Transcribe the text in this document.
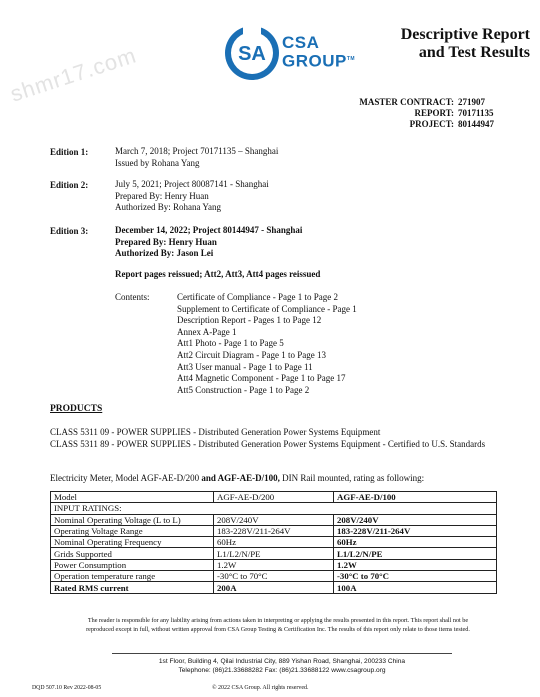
shmr17.com	SA
CSA GROUP™
Descriptive Report
and Test Results
MASTER CONTRACT: 271907
REPORT: 70171135
PROJECT: 80144947
Edition 1:	March 7, 2018; Project 70171135 – Shanghai
Issued by Rohana Yang
Edition 2:	July 5, 2021; Project 80087141 - Shanghai
Prepared By: Henry Huan
Authorized By: Rohana Yang
Edition 3:	December 14, 2022; Project 80144947 - Shanghai
Prepared By: Henry Huan
Authorized By: Jason Lei
Report pages reissued; Att2, Att3, Att4 pages reissued
Contents:	Certificate of Compliance - Page 1 to Page 2
Supplement to Certificate of Compliance - Page 1
Description Report - Pages 1 to Page 12
Annex A-Page 1
Att1 Photo - Page 1 to Page 5
Att2 Circuit Diagram - Page 1 to Page 13
Att3 User manual - Page 1 to Page 11
Att4 Magnetic Component - Page 1 to Page 17
Att5 Construction - Page 1 to Page 2
PRODUCTS
CLASS 5311 09 - POWER SUPPLIES - Distributed Generation Power Systems Equipment
CLASS 5311 89 - POWER SUPPLIES - Distributed Generation Power Systems Equipment - Certified to U.S. Standards
Electricity Meter, Model AGF-AE-D/200 and AGF-AE-D/100, DIN Rail mounted, rating as following:
Model	AGF-AE-D/200	AGF-AE-D/100
INPUT RATINGS:		
Nominal Operating Voltage (L to L)	208V/240V	208V/240V
Operating Voltage Range	183-228V/211-264V	183-228V/211-264V
Nominal Operating Frequency	60Hz	60Hz
Grids Supported	L1/L2/N/PE	L1/L2/N/PE
Power Consumption	1.2W	1.2W
Operation temperature range	-30°C to 70°C	-30°C to 70°C
Rated RMS current	200A	100A
The reader is responsible for any liability arising from actions taken in interpreting or applying the results presented in this report. This report shall not be
reproduced except in full, without written approval from CSA Group Testing & Certification Inc. The results of this report only relate to those items tested.
1st Floor, Building 4, Qilai Industrial City, 889 Yishan Road, Shanghai, 200233 China
Telephone: (86)21.33688282 Fax: (86)21.33688122 www.csagroup.org
DQD 507.10 Rev 2022-08-05	© 2022 CSA Group. All rights reserved.
